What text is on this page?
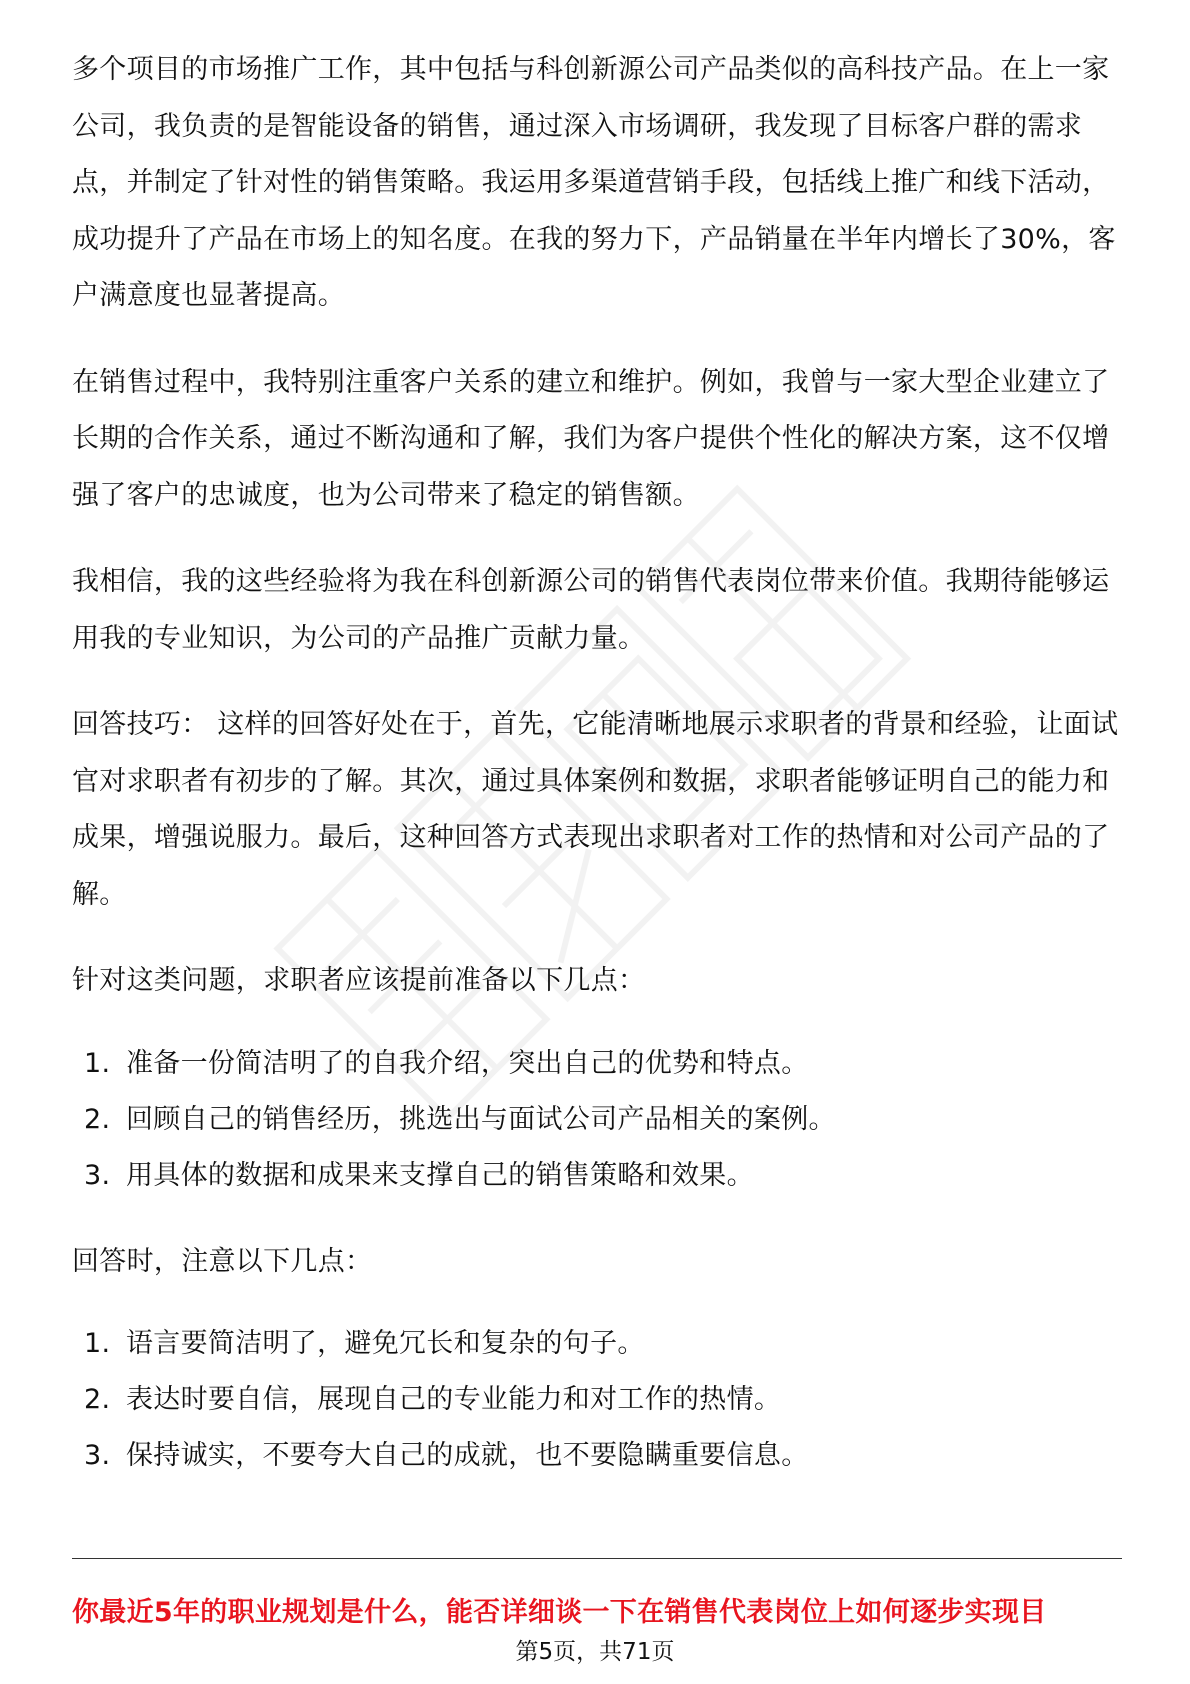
多个项目的市场推广工作，其中包括与科创新源公司产品类似的高科技产品。在上一家公司，我负责的是智能设备的销售，通过深入市场调研，我发现了目标客户群的需求点，并制定了针对性的销售策略。我运用多渠道营销手段，包括线上推广和线下活动，成功提升了产品在市场上的知名度。在我的努力下，产品销量在半年内增长了30%，客户满意度也显著提高。

在销售过程中，我特别注重客户关系的建立和维护。例如，我曾与一家大型企业建立了长期的合作关系，通过不断沟通和了解，我们为客户提供个性化的解决方案，这不仅增强了客户的忠诚度，也为公司带来了稳定的销售额。

我相信，我的这些经验将为我在科创新源公司的销售代表岗位带来价值。我期待能够运用我的专业知识，为公司的产品推广贡献力量。

回答技巧： 这样的回答好处在于，首先，它能清晰地展示求职者的背景和经验，让面试官对求职者有初步的了解。其次，通过具体案例和数据，求职者能够证明自己的能力和成果，增强说服力。最后，这种回答方式表现出求职者对工作的热情和对公司产品的了解。

针对这类问题，求职者应该提前准备以下几点：

1. 准备一份简洁明了的自我介绍，突出自己的优势和特点。
2. 回顾自己的销售经历，挑选出与面试公司产品相关的案例。
3. 用具体的数据和成果来支撑自己的销售策略和效果。

回答时，注意以下几点：

1. 语言要简洁明了，避免冗长和复杂的句子。
2. 表达时要自信，展现自己的专业能力和对工作的热情。
3. 保持诚实，不要夸大自己的成就，也不要隐瞒重要信息。
你最近5年的职业规划是什么，能否详细谈一下在销售代表岗位上如何逐步实现目
第5页，共71页
